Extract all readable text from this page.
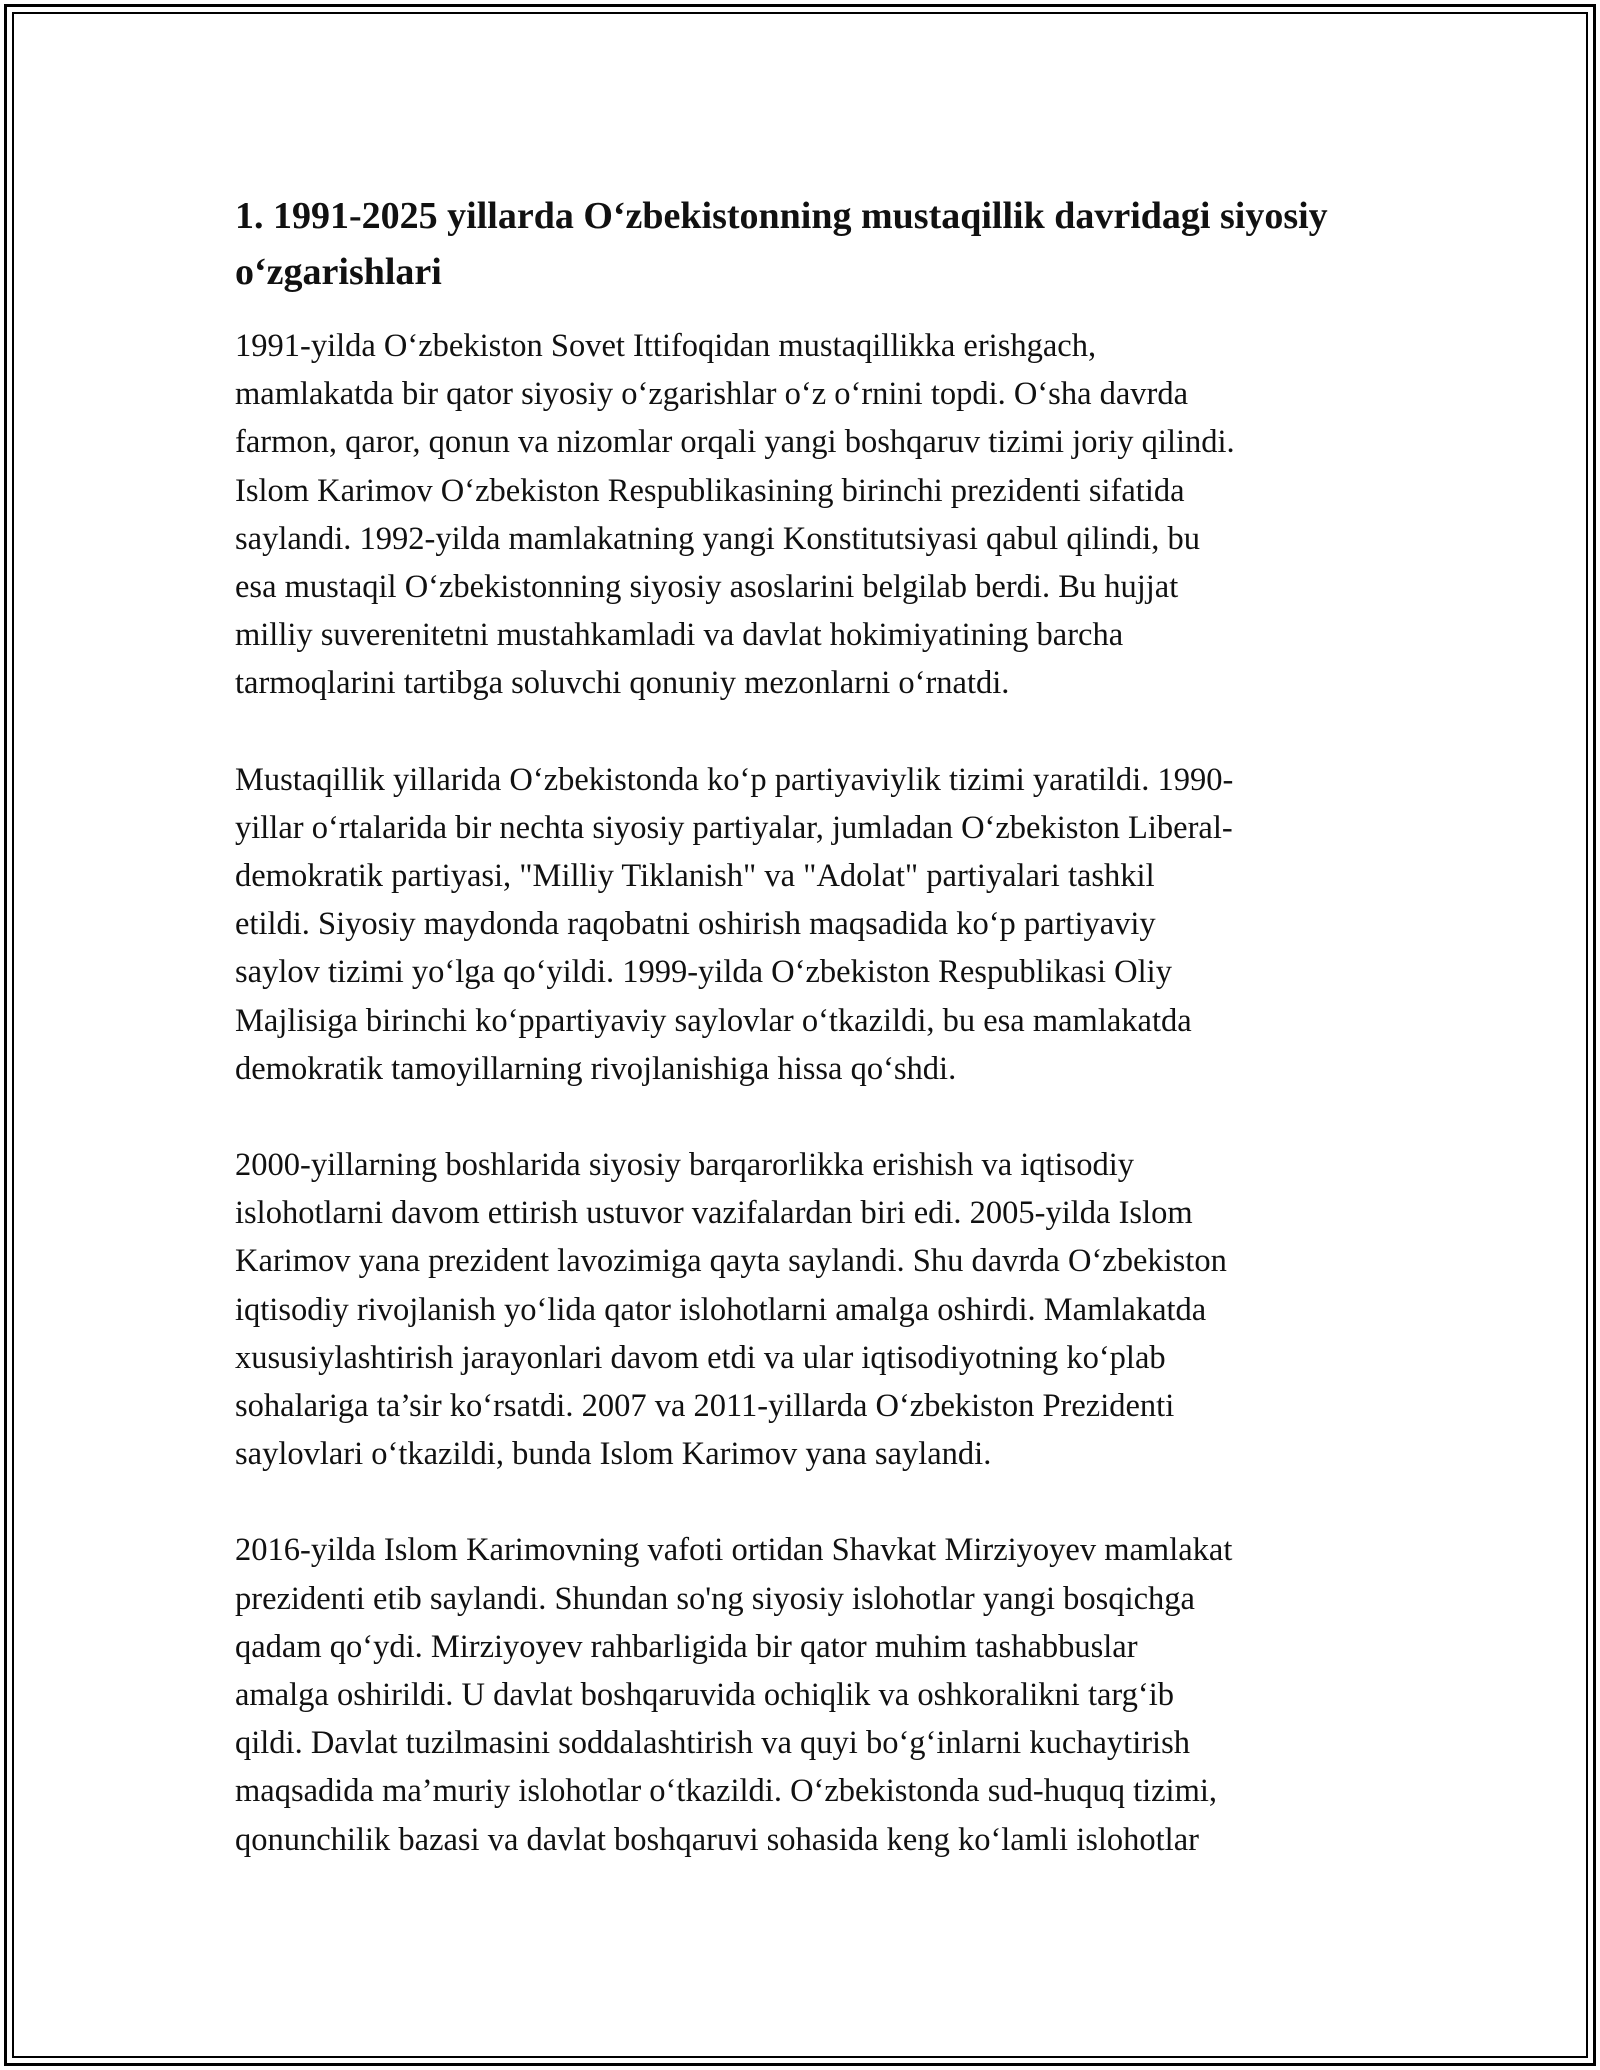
1. 1991-2025 yillarda O‘zbekistonning mustaqillik davridagi siyosiy o‘zgarishlari

1991-yilda O‘zbekiston Sovet Ittifoqidan mustaqillikka erishgach,
mamlakatda bir qator siyosiy o‘zgarishlar o‘z o‘rnini topdi. O‘sha davrda
farmon, qaror, qonun va nizomlar orqali yangi boshqaruv tizimi joriy qilindi.
Islom Karimov O‘zbekiston Respublikasining birinchi prezidenti sifatida
saylandi. 1992-yilda mamlakatning yangi Konstitutsiyasi qabul qilindi, bu
esa mustaqil O‘zbekistonning siyosiy asoslarini belgilab berdi. Bu hujjat
milliy suverenitetni mustahkamladi va davlat hokimiyatining barcha
tarmoqlarini tartibga soluvchi qonuniy mezonlarni o‘rnatdi.

Mustaqillik yillarida O‘zbekistonda ko‘p partiyaviylik tizimi yaratildi. 1990-
yillar o‘rtalarida bir nechta siyosiy partiyalar, jumladan O‘zbekiston Liberal-
demokratik partiyasi, "Milliy Tiklanish" va "Adolat" partiyalari tashkil
etildi. Siyosiy maydonda raqobatni oshirish maqsadida ko‘p partiyaviy
saylov tizimi yo‘lga qo‘yildi. 1999-yilda O‘zbekiston Respublikasi Oliy
Majlisiga birinchi ko‘ppartiyaviy saylovlar o‘tkazildi, bu esa mamlakatda
demokratik tamoyillarning rivojlanishiga hissa qo‘shdi.

2000-yillarning boshlarida siyosiy barqarorlikka erishish va iqtisodiy
islohotlarni davom ettirish ustuvor vazifalardan biri edi. 2005-yilda Islom
Karimov yana prezident lavozimiga qayta saylandi. Shu davrda O‘zbekiston
iqtisodiy rivojlanish yo‘lida qator islohotlarni amalga oshirdi. Mamlakatda
xususiylashtirish jarayonlari davom etdi va ular iqtisodiyotning ko‘plab
sohalariga ta’sir ko‘rsatdi. 2007 va 2011-yillarda O‘zbekiston Prezidenti
saylovlari o‘tkazildi, bunda Islom Karimov yana saylandi.

2016-yilda Islom Karimovning vafoti ortidan Shavkat Mirziyoyev mamlakat
prezidenti etib saylandi. Shundan so'ng siyosiy islohotlar yangi bosqichga
qadam qo‘ydi. Mirziyoyev rahbarligida bir qator muhim tashabbuslar
amalga oshirildi. U davlat boshqaruvida ochiqlik va oshkoralikni targ‘ib
qildi. Davlat tuzilmasini soddalashtirish va quyi bo‘g‘inlarni kuchaytirish
maqsadida ma’muriy islohotlar o‘tkazildi. O‘zbekistonda sud-huquq tizimi,
qonunchilik bazasi va davlat boshqaruvi sohasida keng ko‘lamli islohotlar
